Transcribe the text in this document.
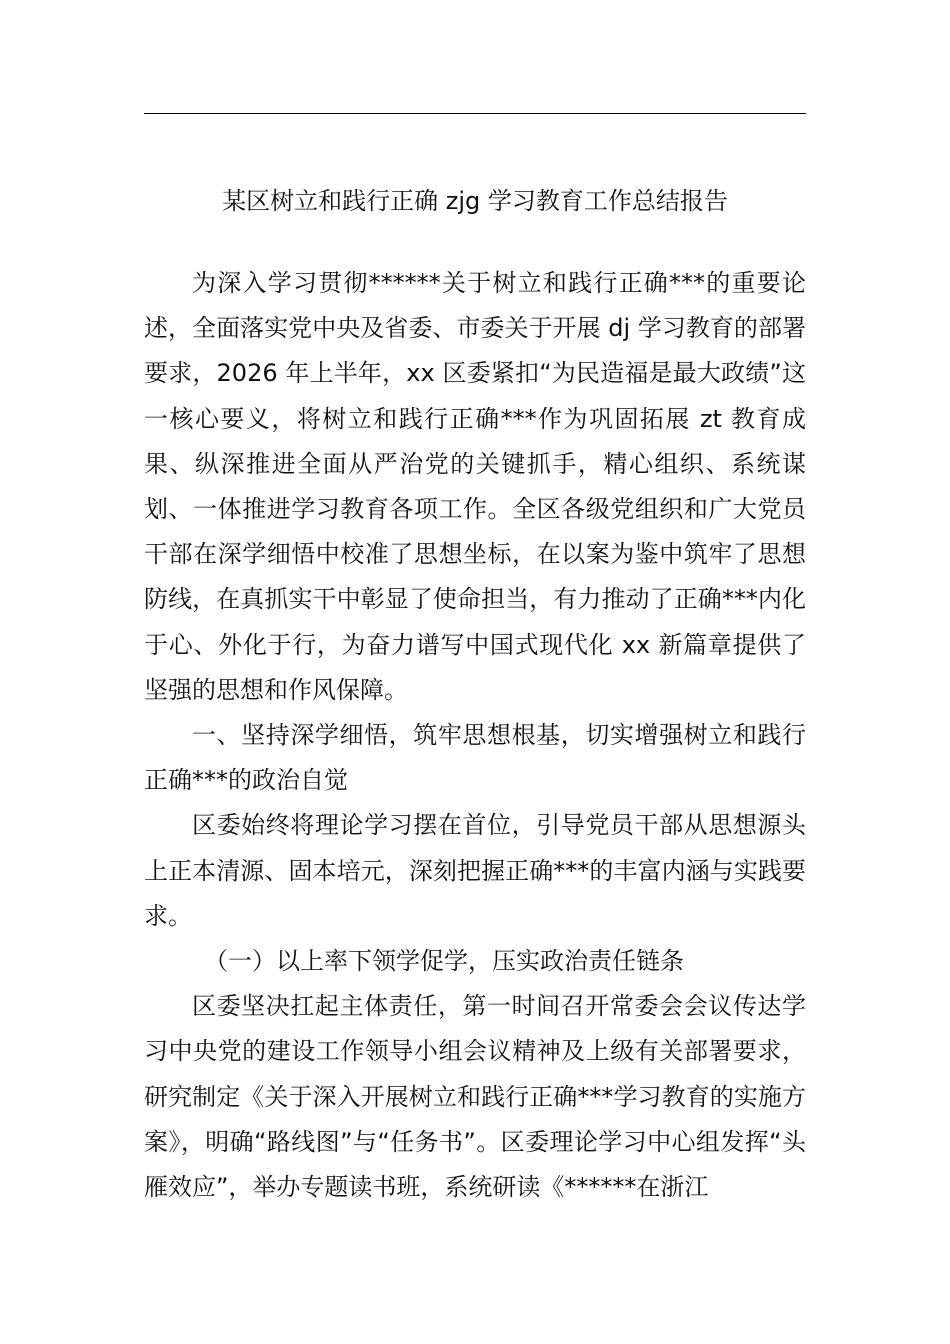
某区树立和践行正确 zjg 学习教育工作总结报告

为深入学习贯彻******关于树立和践行正确***的重要论述，全面落实党中央及省委、市委关于开展 dj 学习教育的部署要求，2026 年上半年，xx 区委紧扣“为民造福是最大政绩”这一核心要义，将树立和践行正确***作为巩固拓展 zt 教育成果、纵深推进全面从严治党的关键抓手，精心组织、系统谋划、一体推进学习教育各项工作。全区各级党组织和广大党员干部在深学细悟中校准了思想坐标，在以案为鉴中筑牢了思想防线，在真抓实干中彰显了使命担当，有力推动了正确***内化于心、外化于行，为奋力谱写中国式现代化 xx 新篇章提供了坚强的思想和作风保障。

一、坚持深学细悟，筑牢思想根基，切实增强树立和践行正确***的政治自觉

区委始终将理论学习摆在首位，引导党员干部从思想源头上正本清源、固本培元，深刻把握正确***的丰富内涵与实践要求。

（一）以上率下领学促学，压实政治责任链条

区委坚决扛起主体责任，第一时间召开常委会会议传达学习中央党的建设工作领导小组会议精神及上级有关部署要求，研究制定《关于深入开展树立和践行正确***学习教育的实施方案》，明确“路线图”与“任务书”。区委理论学习中心组发挥“头雁效应”，举办专题读书班，系统研读《******在浙江
